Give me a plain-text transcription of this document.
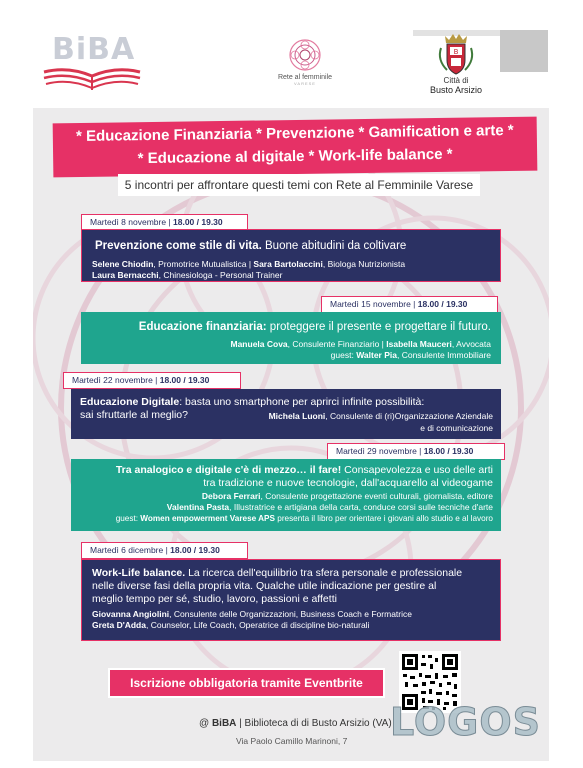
BiBA
Rete al femminile
VARESE
B
Città di
Busto Arsizio
* Educazione Finanziaria * Prevenzione * Gamification e arte *
* Educazione al digitale * Work-life balance *
5 incontri per affrontare questi temi con Rete al Femminile Varese
Martedì 8 novembre | 18.00 / 19.30
Prevenzione come stile di vita. Buone abitudini da coltivare
Selene Chiodin, Promotrice Mutualistica | Sara Bartolaccini, Biologa Nutrizionista
Laura Bernacchi, Chinesiologa - Personal Trainer
Martedì 15 novembre | 18.00 / 19.30
Educazione finanziaria: proteggere il presente e progettare il futuro.
Manuela Cova, Consulente Finanziario | Isabella Mauceri, Avvocata
guest: Walter Pia, Consulente Immobiliare
Martedì 22 novembre | 18.00 / 19.30
Educazione Digitale: basta uno smartphone per aprirci infinite possibilità:
sai sfruttarle al meglio?	Michela Luoni, Consulente di (ri)Organizzazione Aziendale
e di comunicazione
Martedì 29 novembre | 18.00 / 19.30
Tra analogico e digitale c'è di mezzo… il fare! Consapevolezza e uso delle arti
tra tradizione e nuove tecnologie, dall'acquarello al videogame
Debora Ferrari, Consulente progettazione eventi culturali, giornalista, editore
Valentina Pasta, Illustratrice e artigiana della carta, conduce corsi sulle tecniche d'arte
guest: Women empowerment Varese APS presenta il libro per orientare i giovani allo studio e al lavoro
Martedì 6 dicembre | 18.00 / 19.30
Work-Life balance. La ricerca dell'equilibrio tra sfera personale e professionale
nelle diverse fasi della propria vita. Qualche utile indicazione per gestire al
meglio tempo per sé, studio, lavoro, passioni e affetti
Giovanna Angiolini, Consulente delle Organizzazioni, Business Coach e Formatrice
Greta D'Adda, Counselor, Life Coach, Operatrice di discipline bio-naturali
Iscrizione obbligatoria tramite Eventbrite
@ BiBA | Biblioteca di di Busto Arsizio (VA)
Via Paolo Camillo Marinoni, 7 LOGOS
